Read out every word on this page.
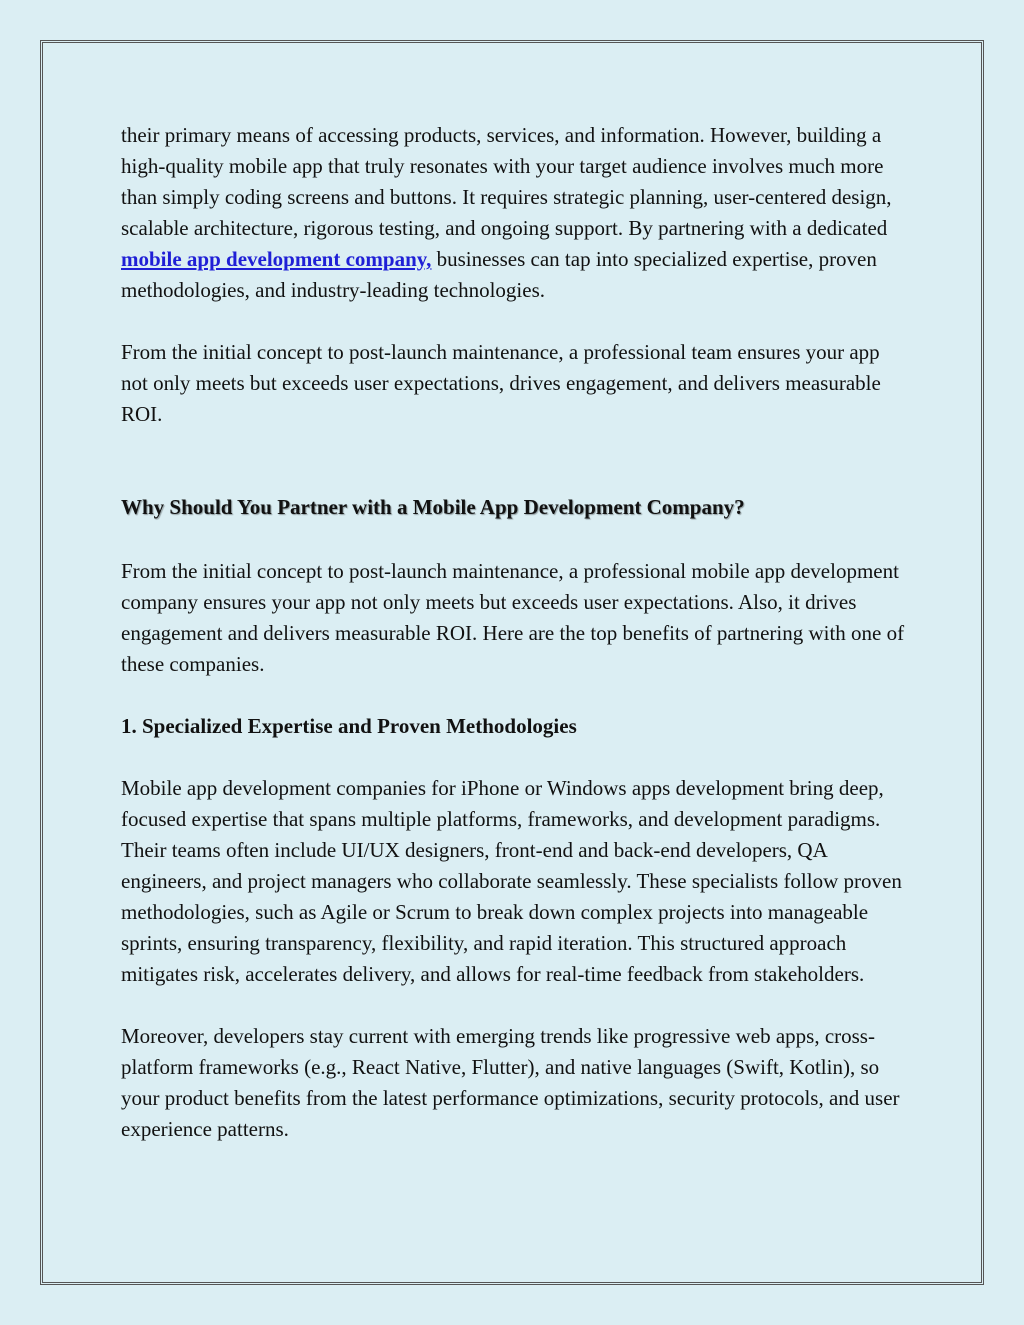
their primary means of accessing products, services, and information. However, building a high-quality mobile app that truly resonates with your target audience involves much more than simply coding screens and buttons. It requires strategic planning, user-centered design, scalable architecture, rigorous testing, and ongoing support. By partnering with a dedicated mobile app development company, businesses can tap into specialized expertise, proven methodologies, and industry-leading technologies.

From the initial concept to post-launch maintenance, a professional team ensures your app not only meets but exceeds user expectations, drives engagement, and delivers measurable ROI.

Why Should You Partner with a Mobile App Development Company?

From the initial concept to post-launch maintenance, a professional mobile app development company ensures your app not only meets but exceeds user expectations. Also, it drives engagement and delivers measurable ROI. Here are the top benefits of partnering with one of these companies.

1. Specialized Expertise and Proven Methodologies

Mobile app development companies for iPhone or Windows apps development bring deep, focused expertise that spans multiple platforms, frameworks, and development paradigms. Their teams often include UI/UX designers, front-end and back-end developers, QA engineers, and project managers who collaborate seamlessly. These specialists follow proven methodologies, such as Agile or Scrum to break down complex projects into manageable sprints, ensuring transparency, flexibility, and rapid iteration. This structured approach mitigates risk, accelerates delivery, and allows for real-time feedback from stakeholders.

Moreover, developers stay current with emerging trends like progressive web apps, cross-platform frameworks (e.g., React Native, Flutter), and native languages (Swift, Kotlin), so your product benefits from the latest performance optimizations, security protocols, and user experience patterns.
